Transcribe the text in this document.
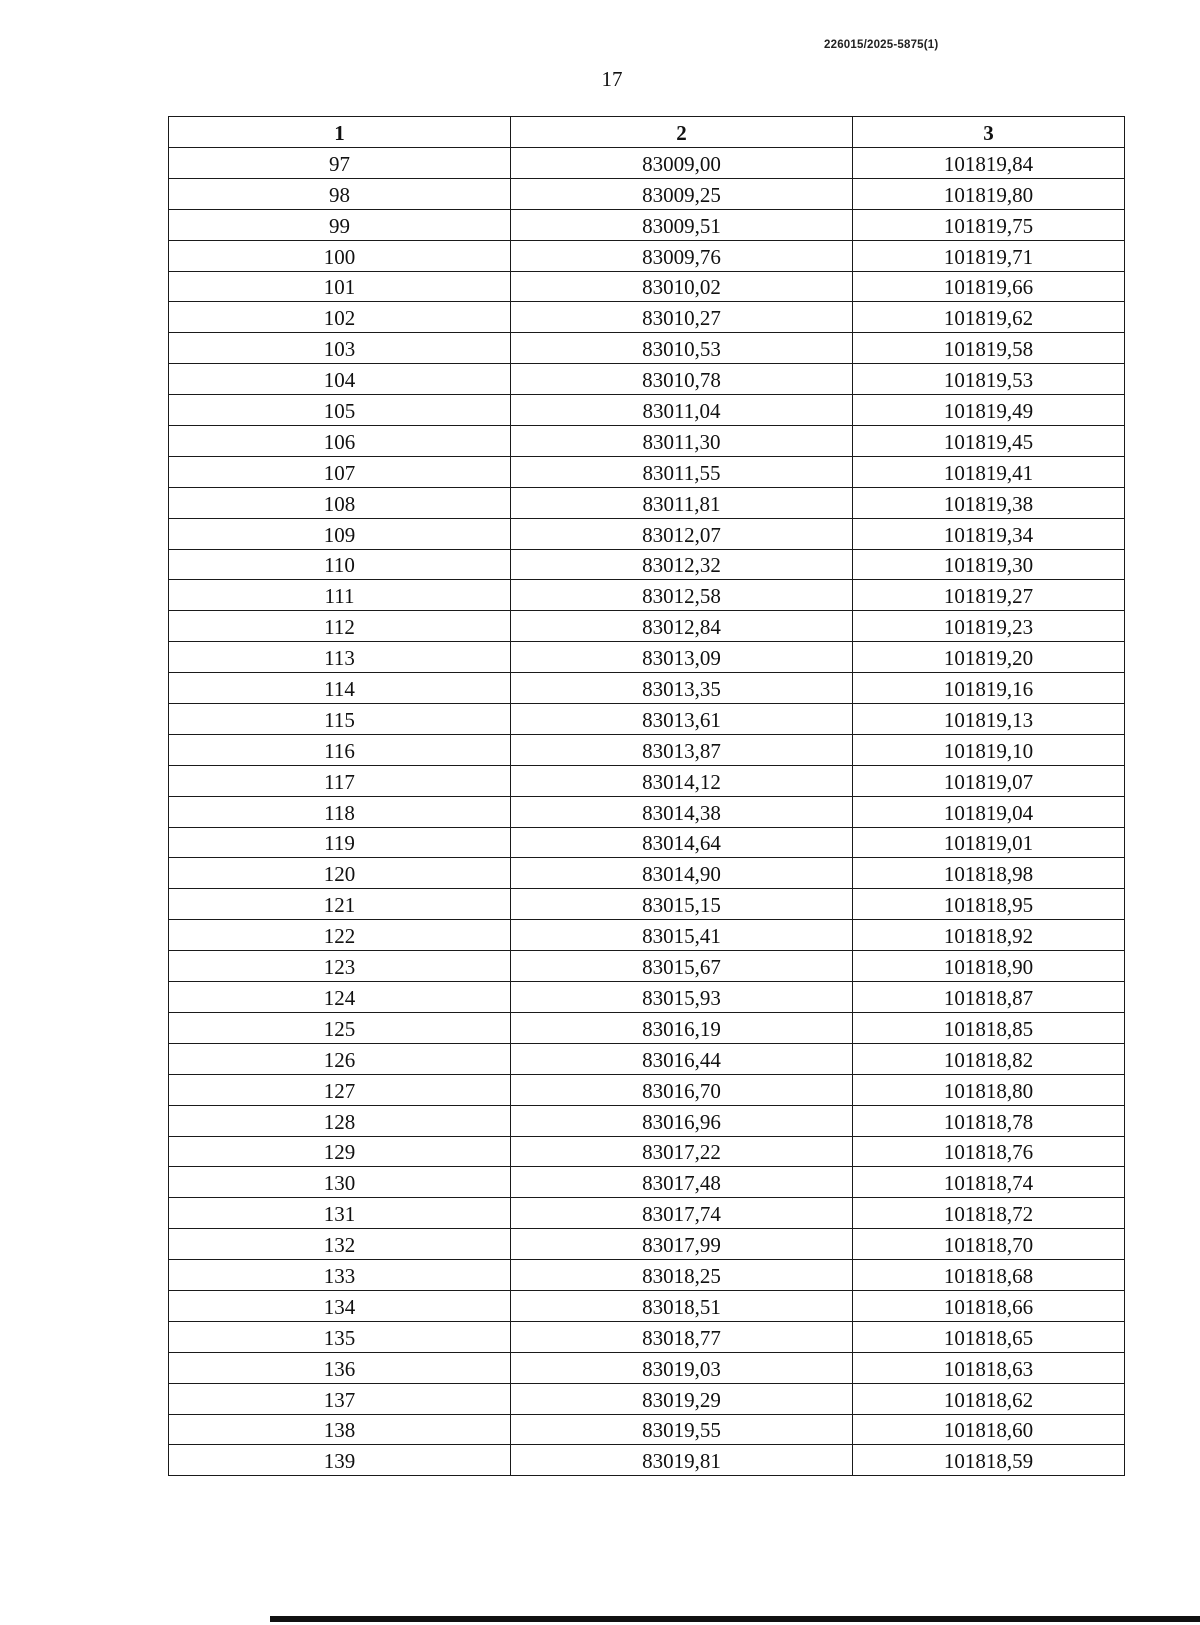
226015/2025-5875(1)
17
1	2	3
97	83009,00	101819,84
98	83009,25	101819,80
99	83009,51	101819,75
100	83009,76	101819,71
101	83010,02	101819,66
102	83010,27	101819,62
103	83010,53	101819,58
104	83010,78	101819,53
105	83011,04	101819,49
106	83011,30	101819,45
107	83011,55	101819,41
108	83011,81	101819,38
109	83012,07	101819,34
110	83012,32	101819,30
111	83012,58	101819,27
112	83012,84	101819,23
113	83013,09	101819,20
114	83013,35	101819,16
115	83013,61	101819,13
116	83013,87	101819,10
117	83014,12	101819,07
118	83014,38	101819,04
119	83014,64	101819,01
120	83014,90	101818,98
121	83015,15	101818,95
122	83015,41	101818,92
123	83015,67	101818,90
124	83015,93	101818,87
125	83016,19	101818,85
126	83016,44	101818,82
127	83016,70	101818,80
128	83016,96	101818,78
129	83017,22	101818,76
130	83017,48	101818,74
131	83017,74	101818,72
132	83017,99	101818,70
133	83018,25	101818,68
134	83018,51	101818,66
135	83018,77	101818,65
136	83019,03	101818,63
137	83019,29	101818,62
138	83019,55	101818,60
139	83019,81	101818,59
